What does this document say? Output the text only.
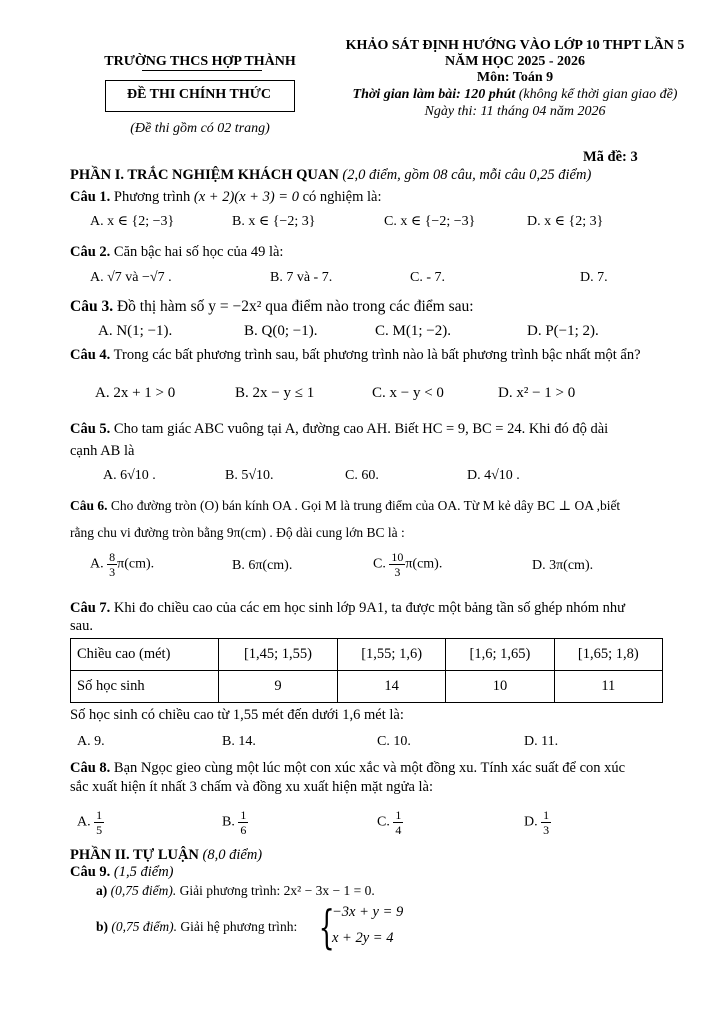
TRƯỜNG THCS HỢP THÀNH
ĐỀ THI CHÍNH THỨC
(Đề thi gồm có 02 trang)
KHẢO SÁT ĐỊNH HƯỚNG VÀO LỚP 10 THPT LẦN 5
NĂM HỌC 2025 - 2026
Môn: Toán 9
Thời gian làm bài: 120 phút (không kể thời gian giao đề)
Ngày thi: 11 tháng 04 năm 2026
Mã đề: 3
PHẦN I. TRẮC NGHIỆM KHÁCH QUAN (2,0 điểm, gồm 08 câu, mỗi câu 0,25 điểm)
Câu 1. Phương trình (x + 2)(x + 3) = 0 có nghiệm là:
A. x ∈ {2; −3}	B. x ∈ {−2; 3}	C. x ∈ {−2; −3}	D. x ∈ {2; 3}
Câu 2. Căn bậc hai số học của 49 là:
A. √7 và −√7 .	B. 7 và - 7.	C. - 7.	D. 7.
Câu 3. Đồ thị hàm số y = −2x² qua điểm nào trong các điểm sau:
A. N(1; −1).	B. Q(0; −1).	C. M(1; −2).	D. P(−1; 2).
Câu 4. Trong các bất phương trình sau, bất phương trình nào là bất phương trình bậc nhất một ẩn?
A. 2x + 1 > 0	B. 2x − y ≤ 1	C. x − y < 0	D. x² − 1 > 0
Câu 5. Cho tam giác ABC vuông tại A, đường cao AH. Biết HC = 9, BC = 24. Khi đó độ dài
cạnh AB là
A. 6√10 .	B. 5√10.	C. 60.	D. 4√10 .
Câu 6. Cho đường tròn (O) bán kính OA . Gọi M là trung điểm của OA. Từ M kẻ dây BC ⊥ OA ,biết
rằng chu vi đường tròn bằng 9π(cm) . Độ dài cung lớn BC là :
A. $\frac{8}{3} \pi(cm)$.	B. 6π(cm).	C. $\frac{10}{3} \pi(cm)$.	D. 3π(cm).
Câu 7. Khi đo chiều cao của các em học sinh lớp 9A1, ta được một bảng tần số ghép nhóm như
sau.
Chiều cao (mét)	[1,45; 1,55)	[1,55; 1,6)	[1,6; 1,65)	[1,65; 1,8)
Số học sinh	9	14	10	11
Số học sinh có chiều cao từ 1,55 mét đến dưới 1,6 mét là:
A. 9.	B. 14.	C. 10.	D. 11.
Câu 8. Bạn Ngọc gieo cùng một lúc một con xúc xắc và một đồng xu. Tính xác suất để con xúc
sắc xuất hiện ít nhất 3 chấm và đồng xu xuất hiện mặt ngửa là:
A. $\frac{1}{5}$	B. $\frac{1}{6}$	C. $\frac{1}{4}$	D. $\frac{1}{3}$
PHẦN II. TỰ LUẬN (8,0 điểm)
Câu 9. (1,5 điểm)
a) (0,75 điểm). Giải phương trình: 2x² − 3x − 1 = 0.
b) (0,75 điểm). Giải hệ phương trình: {
−3x + y = 9
x + 2y = 4
